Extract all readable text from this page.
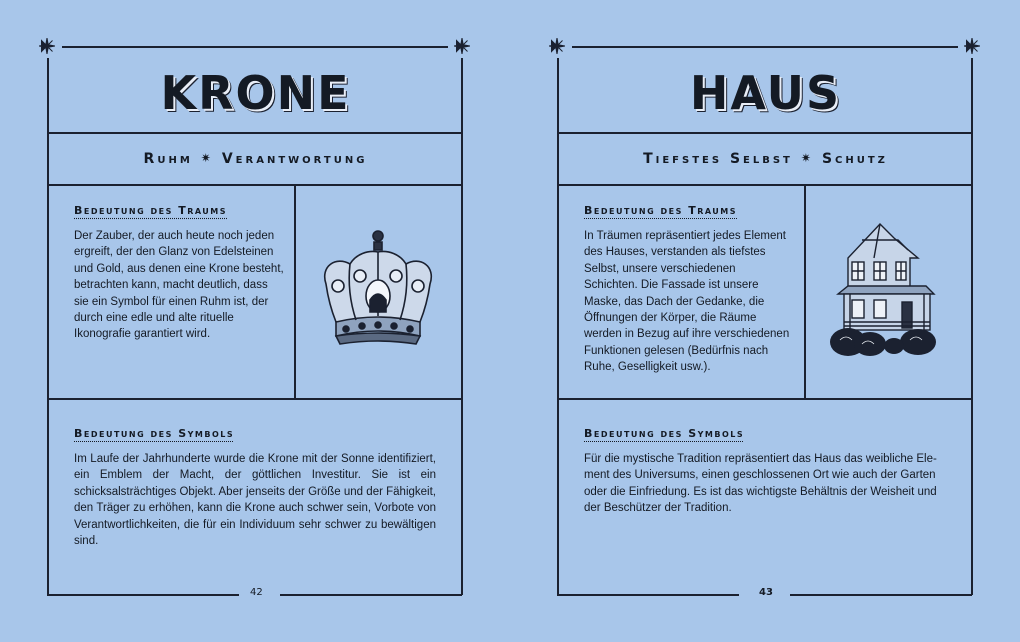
KRONE
Ruhm ✷ Verantwortung
Bedeutung des Traums
Der Zauber, der auch heute noch jeden ergreift, der den Glanz von Edelsteinen und Gold, aus denen eine Krone besteht, betrachten kann, macht deutlich, dass sie ein Symbol für einen Ruhm ist, der durch eine edle und alte rituelle Ikonografie garantiert wird.
Bedeutung des Symbols
Im Laufe der Jahrhunderte wurde die Krone mit der Sonne identifiziert, ein Emblem der Macht, der göttlichen Investitur. Sie ist ein schicksalsträchtiges Objekt. Aber jenseits der Größe und der Fähigkeit, den Träger zu erhöhen, kann die Krone auch schwer sein, Vorbote von Verantwortlichkeiten, die für ein Individuum sehr schwer zu bewältigen sind.
42
HAUS
Tiefstes Selbst ✷ Schutz
Bedeutung des Traums
In Träumen repräsentiert jedes Element des Hauses, verstanden als tiefstes Selbst, unsere verschiedenen Schichten. Die Fassade ist unsere Maske, das Dach der Gedanke, die Öffnungen der Körper, die Räume werden in Bezug auf ihre verschiedenen Funktionen gelesen (Bedürfnis nach Ruhe, Geselligkeit usw.).
Bedeutung des Symbols
Für die mystische Tradition repräsentiert das Haus das weibliche Element des Universums, einen geschlossenen Ort wie auch der Garten oder die Einfriedung. Es ist das wichtigste Behältnis der Weisheit und der Beschützer der Tradition.
43
